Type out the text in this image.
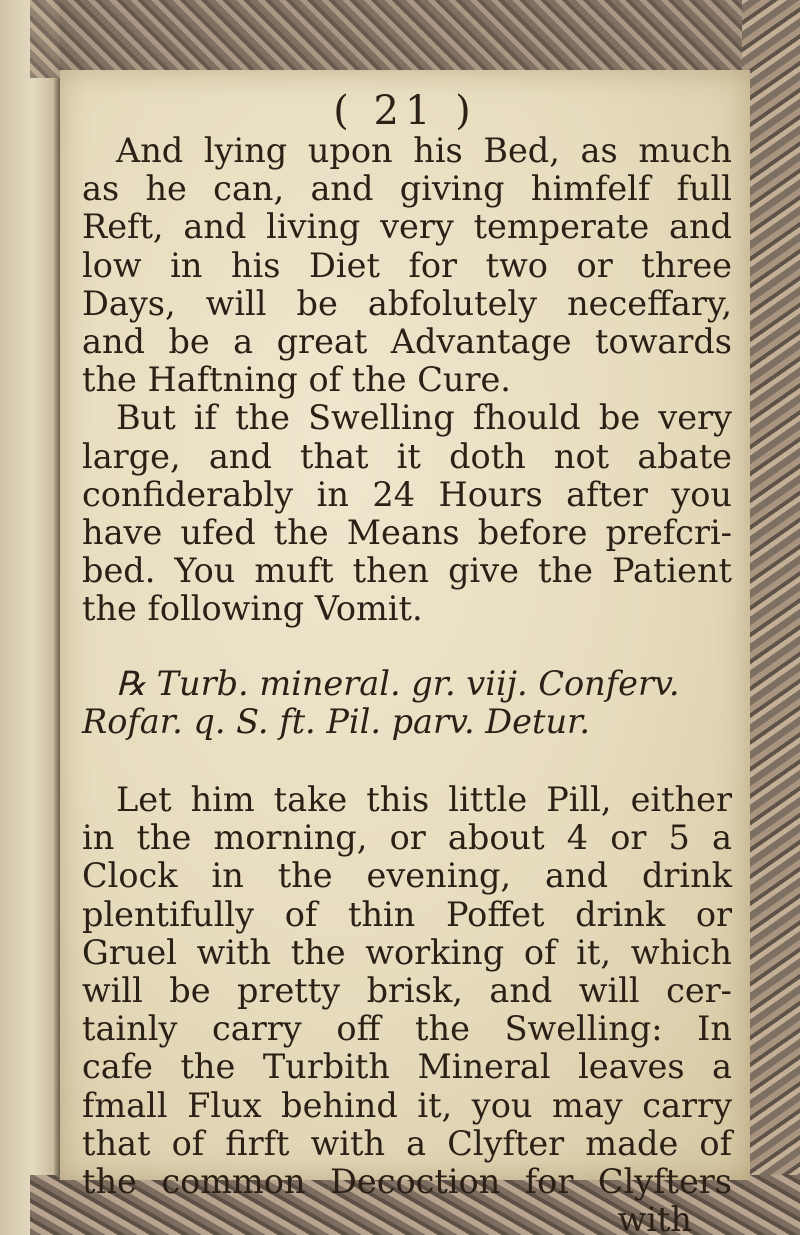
( 21 )
And lying upon his Bed, as much
as he can, and giving himfelf full
Reft, and living very temperate and
low in his Diet for two or three
Days, will be abfolutely neceffary,
and be a great Advantage towards
the Haftning of the Cure.
But if the Swelling fhould be very
large, and that it doth not abate
confiderably in 24 Hours after you
have ufed the Means before prefcri-
bed. You muft then give the Patient
the following Vomit.
℞ Turb. mineral. gr. viij. Conferv.
Rofar. q. S. ft. Pil. parv. Detur.
Let him take this little Pill, either
in the morning, or about 4 or 5 a
Clock in the evening, and drink
plentifully of thin Poffet drink or
Gruel with the working of it, which
will be pretty brisk, and will cer-
tainly carry off the Swelling: In
cafe the Turbith Mineral leaves a
fmall Flux behind it, you may carry
that of firft with a Clyfter made of
the common Decoction for Clyfters
with
